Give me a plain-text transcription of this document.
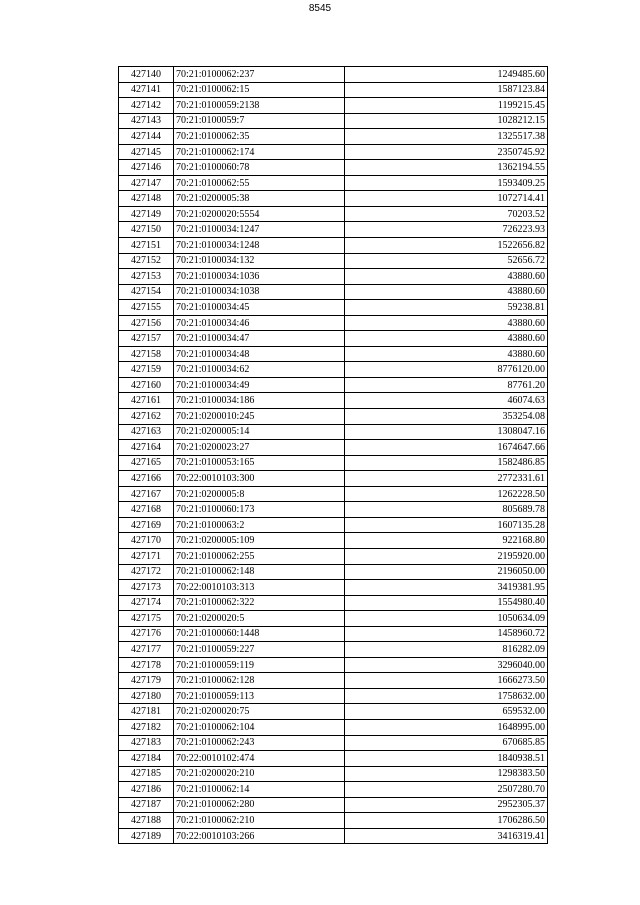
8545
427140	70:21:0100062:237	1249485.60
427141	70:21:0100062:15	1587123.84
427142	70:21:0100059:2138	1199215.45
427143	70:21:0100059:7	1028212.15
427144	70:21:0100062:35	1325517.38
427145	70:21:0100062:174	2350745.92
427146	70:21:0100060:78	1362194.55
427147	70:21:0100062:55	1593409.25
427148	70:21:0200005:38	1072714.41
427149	70:21:0200020:5554	70203.52
427150	70:21:0100034:1247	726223.93
427151	70:21:0100034:1248	1522656.82
427152	70:21:0100034:132	52656.72
427153	70:21:0100034:1036	43880.60
427154	70:21:0100034:1038	43880.60
427155	70:21:0100034:45	59238.81
427156	70:21:0100034:46	43880.60
427157	70:21:0100034:47	43880.60
427158	70:21:0100034:48	43880.60
427159	70:21:0100034:62	8776120.00
427160	70:21:0100034:49	87761.20
427161	70:21:0100034:186	46074.63
427162	70:21:0200010:245	353254.08
427163	70:21:0200005:14	1308047.16
427164	70:21:0200023:27	1674647.66
427165	70:21:0100053:165	1582486.85
427166	70:22:0010103:300	2772331.61
427167	70:21:0200005:8	1262228.50
427168	70:21:0100060:173	805689.78
427169	70:21:0100063:2	1607135.28
427170	70:21:0200005:109	922168.80
427171	70:21:0100062:255	2195920.00
427172	70:21:0100062:148	2196050.00
427173	70:22:0010103:313	3419381.95
427174	70:21:0100062:322	1554980.40
427175	70:21:0200020:5	1050634.09
427176	70:21:0100060:1448	1458960.72
427177	70:21:0100059:227	816282.09
427178	70:21:0100059:119	3296040.00
427179	70:21:0100062:128	1666273.50
427180	70:21:0100059:113	1758632.00
427181	70:21:0200020:75	659532.00
427182	70:21:0100062:104	1648995.00
427183	70:21:0100062:243	670685.85
427184	70:22:0010102:474	1840938.51
427185	70:21:0200020:210	1298383.50
427186	70:21:0100062:14	2507280.70
427187	70:21:0100062:280	2952305.37
427188	70:21:0100062:210	1706286.50
427189	70:22:0010103:266	3416319.41
